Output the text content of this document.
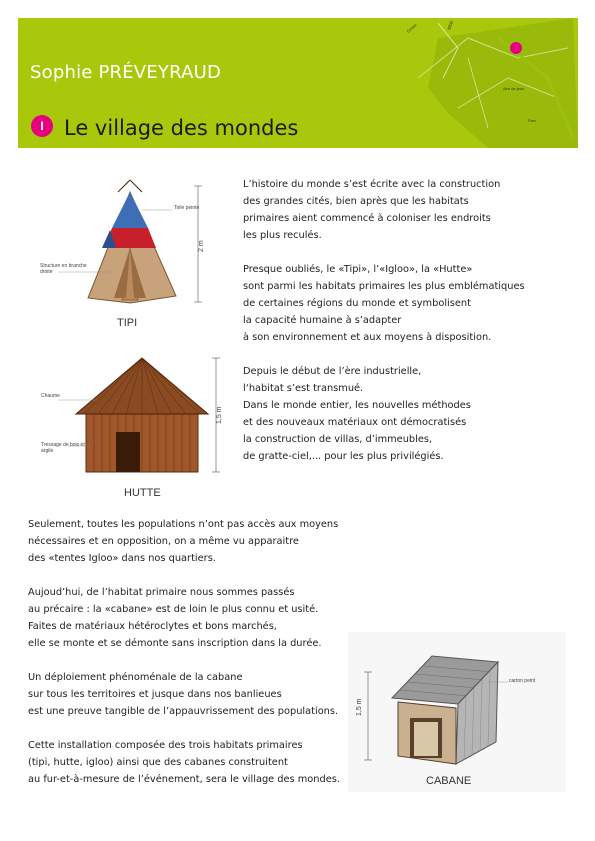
Sophie PRÉVEYRAUD
I Le village des mondes
Centre	MDB
Aire de jeux
Parc
Toile peinte
Structure en branche droite
2 m
TIPI
Chaume
Tressage de bois et argile
1,5 m
HUTTE
carton peint
1,5 m
CABANE

L’histoire du monde s’est écrite avec la construction
des grandes cités, bien après que les habitats
primaires aient commencé à coloniser les endroits
les plus reculés.

Presque oubliés, le «Tipi», l’«Igloo», la «Hutte»
sont parmi les habitats primaires les plus emblématiques
de certaines régions du monde et symbolisent
la capacité humaine à s’adapter
à son environnement et aux moyens à disposition.

Depuis le début de l’ère industrielle,
l‘habitat s’est transmué.
Dans le monde entier, les nouvelles méthodes
et des nouveaux matériaux ont démocratisés
la construction de villas, d’immeubles,
de gratte-ciel,... pour les plus privilégiés.

Seulement, toutes les populations n’ont pas accès aux moyens
nécessaires et en opposition, on a même vu apparaitre
des «tentes Igloo» dans nos quartiers.

Aujoud’hui, de l’habitat primaire nous sommes passés
au précaire : la «cabane» est de loin le plus connu et usité.
Faites de matériaux hétéroclytes et bons marchés,
elle se monte et se démonte sans inscription dans la durée.

Un déploiement phénoménale de la cabane
sur tous les territoires et jusque dans nos banlieues
est une preuve tangible de l’appauvrissement des populations.

Cette installation composée des trois habitats primaires
(tipi, hutte, igloo) ainsi que des cabanes construitent
au fur-et-à-mesure de l’événement, sera le village des mondes.
